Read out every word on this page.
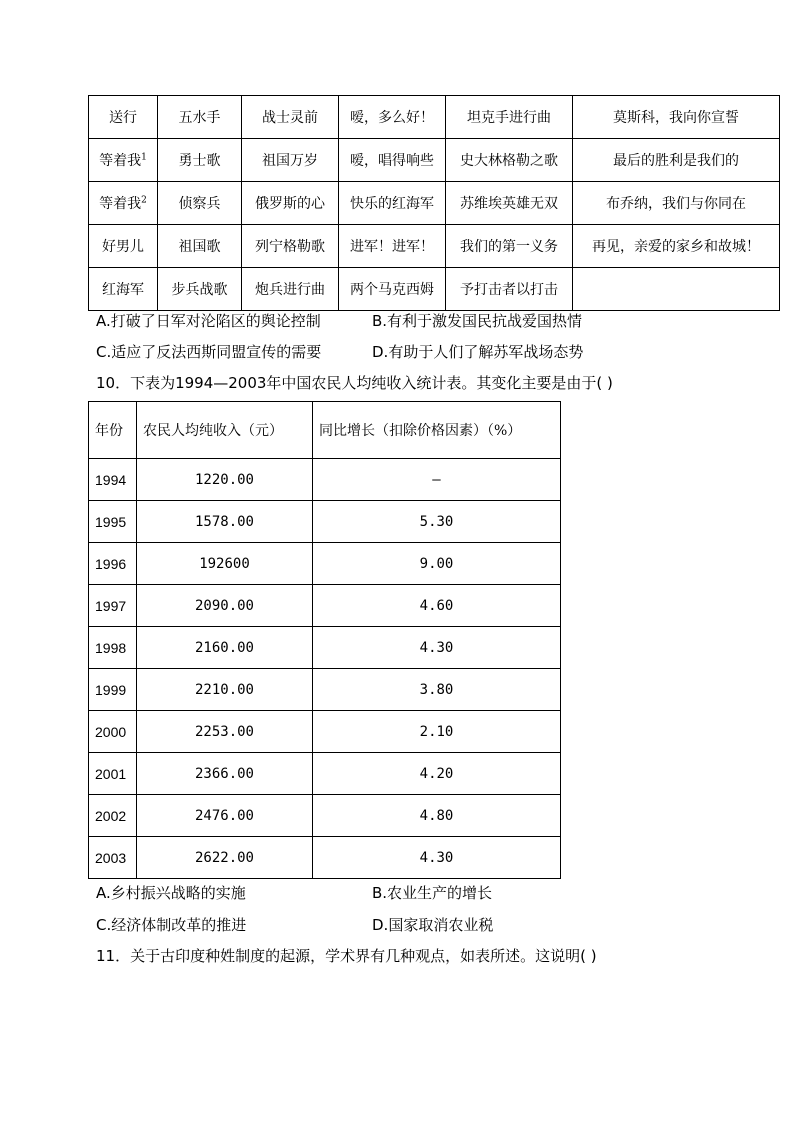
送行	五水手	战士灵前	嗳，多么好！	坦克手进行曲	莫斯科，我向你宣誓
等着我$^1$	勇士歌	祖国万岁	嗳，唱得响些	史大林格勒之歌	最后的胜利是我们的
等着我$^2$	侦察兵	俄罗斯的心	快乐的红海军	苏维埃英雄无双	布乔纳，我们与你同在
好男儿	祖国歌	列宁格勒歌	进军！进军！	我们的第一义务	再见，亲爱的家乡和故城！
红海军	步兵战歌	炮兵进行曲	两个马克西姆	予打击者以打击	
A.打破了日军对沦陷区的舆论控制	B.有利于激发国民抗战爱国热情
C.适应了反法西斯同盟宣传的需要	D.有助于人们了解苏军战场态势
10．下表为1994—2003年中国农民人均纯收入统计表。其变化主要是由于( )
年份	农民人均纯收入（元）	同比增长（扣除价格因素）（%）
1994	1220.00	—
1995	1578.00	5.30
1996	192600	9.00
1997	2090.00	4.60
1998	2160.00	4.30
1999	2210.00	3.80
2000	2253.00	2.10
2001	2366.00	4.20
2002	2476.00	4.80
2003	2622.00	4.30
A.乡村振兴战略的实施	B.农业生产的增长
C.经济体制改革的推进	D.国家取消农业税
11．关于古印度种姓制度的起源，学术界有几种观点，如表所述。这说明( )
